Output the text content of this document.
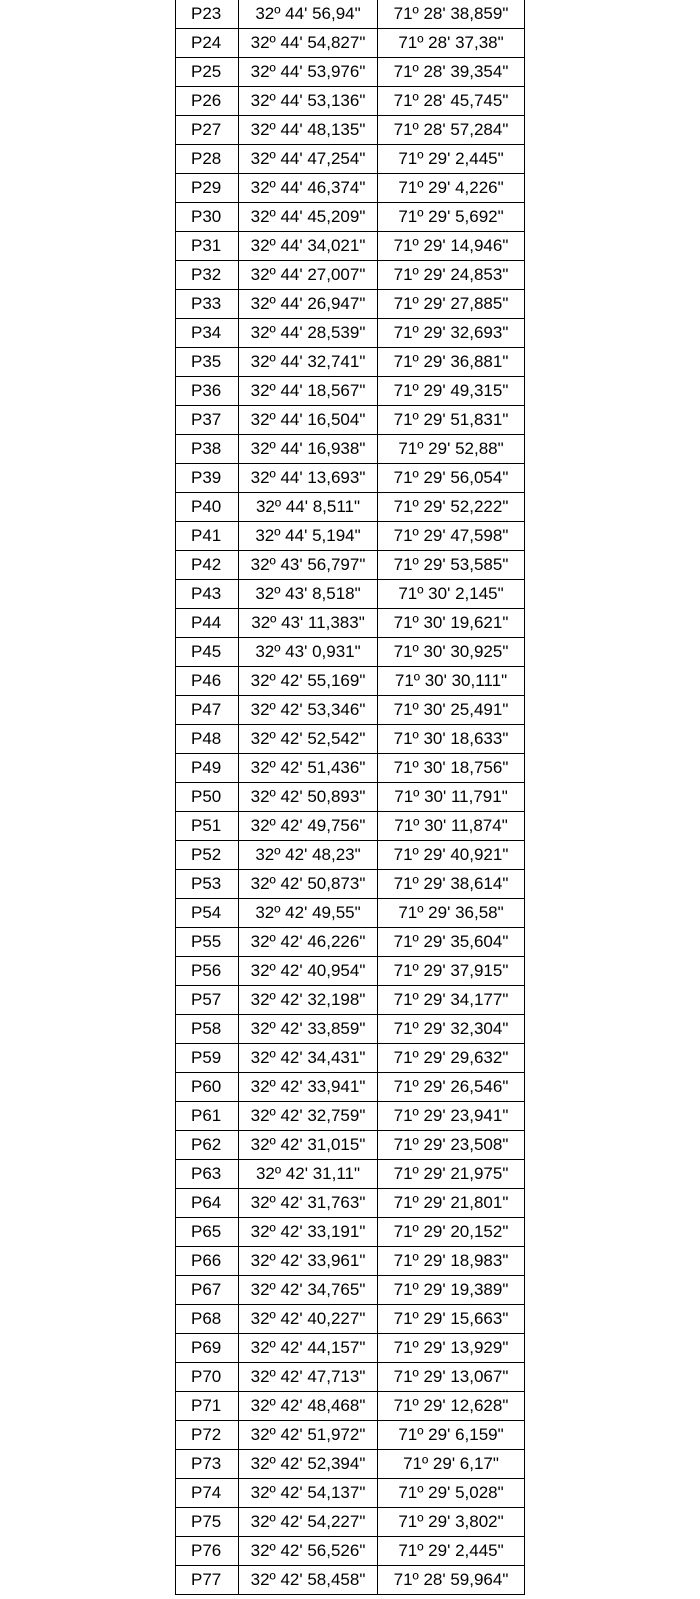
P23	32º 44' 56,94"	71º 28' 38,859"
P24	32º 44' 54,827"	71º 28' 37,38"
P25	32º 44' 53,976"	71º 28' 39,354"
P26	32º 44' 53,136"	71º 28' 45,745"
P27	32º 44' 48,135"	71º 28' 57,284"
P28	32º 44' 47,254"	71º 29' 2,445"
P29	32º 44' 46,374"	71º 29' 4,226"
P30	32º 44' 45,209"	71º 29' 5,692"
P31	32º 44' 34,021"	71º 29' 14,946"
P32	32º 44' 27,007"	71º 29' 24,853"
P33	32º 44' 26,947"	71º 29' 27,885"
P34	32º 44' 28,539"	71º 29' 32,693"
P35	32º 44' 32,741"	71º 29' 36,881"
P36	32º 44' 18,567"	71º 29' 49,315"
P37	32º 44' 16,504"	71º 29' 51,831"
P38	32º 44' 16,938"	71º 29' 52,88"
P39	32º 44' 13,693"	71º 29' 56,054"
P40	32º 44' 8,511"	71º 29' 52,222"
P41	32º 44' 5,194"	71º 29' 47,598"
P42	32º 43' 56,797"	71º 29' 53,585"
P43	32º 43' 8,518"	71º 30' 2,145"
P44	32º 43' 11,383"	71º 30' 19,621"
P45	32º 43' 0,931"	71º 30' 30,925"
P46	32º 42' 55,169"	71º 30' 30,111"
P47	32º 42' 53,346"	71º 30' 25,491"
P48	32º 42' 52,542"	71º 30' 18,633"
P49	32º 42' 51,436"	71º 30' 18,756"
P50	32º 42' 50,893"	71º 30' 11,791"
P51	32º 42' 49,756"	71º 30' 11,874"
P52	32º 42' 48,23"	71º 29' 40,921"
P53	32º 42' 50,873"	71º 29' 38,614"
P54	32º 42' 49,55"	71º 29' 36,58"
P55	32º 42' 46,226"	71º 29' 35,604"
P56	32º 42' 40,954"	71º 29' 37,915"
P57	32º 42' 32,198"	71º 29' 34,177"
P58	32º 42' 33,859"	71º 29' 32,304"
P59	32º 42' 34,431"	71º 29' 29,632"
P60	32º 42' 33,941"	71º 29' 26,546"
P61	32º 42' 32,759"	71º 29' 23,941"
P62	32º 42' 31,015"	71º 29' 23,508"
P63	32º 42' 31,11"	71º 29' 21,975"
P64	32º 42' 31,763"	71º 29' 21,801"
P65	32º 42' 33,191"	71º 29' 20,152"
P66	32º 42' 33,961"	71º 29' 18,983"
P67	32º 42' 34,765"	71º 29' 19,389"
P68	32º 42' 40,227"	71º 29' 15,663"
P69	32º 42' 44,157"	71º 29' 13,929"
P70	32º 42' 47,713"	71º 29' 13,067"
P71	32º 42' 48,468"	71º 29' 12,628"
P72	32º 42' 51,972"	71º 29' 6,159"
P73	32º 42' 52,394"	71º 29' 6,17"
P74	32º 42' 54,137"	71º 29' 5,028"
P75	32º 42' 54,227"	71º 29' 3,802"
P76	32º 42' 56,526"	71º 29' 2,445"
P77	32º 42' 58,458"	71º 28' 59,964"
